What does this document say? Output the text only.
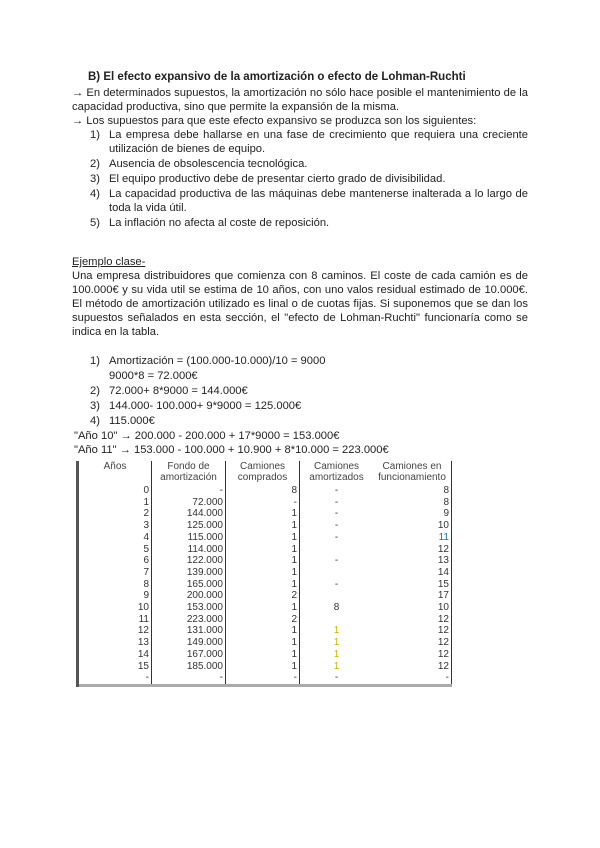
B) El efecto expansivo de la amortización o efecto de Lohman-Ruchti
→ En determinados supuestos, la amortización no sólo hace posible el mantenimiento de la capacidad productiva, sino que permite la expansión de la misma.
→ Los supuestos para que este efecto expansivo se produzca son los siguientes:
1) La empresa debe hallarse en una fase de crecimiento que requiera una creciente utilización de bienes de equipo.
2) Ausencia de obsolescencia tecnológica.
3) El equipo productivo debe de presentar cierto grado de divisibilidad.
4) La capacidad productiva de las máquinas debe mantenerse inalterada a lo largo de toda la vida útil.
5) La inflación no afecta al coste de reposición.
Ejemplo clase-
Una empresa distribuidores que comienza con 8 caminos. El coste de cada camión es de 100.000€ y su vida util se estima de 10 años, con uno valos residual estimado de 10.000€. El método de amortización utilizado es linal o de cuotas fijas. Si suponemos que se dan los supuestos señalados en esta sección, el "efecto de Lohman-Ruchti" funcionaría como se indica en la tabla.
1) Amortización = (100.000-10.000)/10 = 9000
9000*8 = 72.000€
2) 72.000+ 8*9000 = 144.000€
3) 144.000- 100.000+ 9*9000 = 125.000€
4) 115.000€
"Año 10" → 200.000 - 200.000 + 17*9000 = 153.000€
"Año 11" → 153.000 - 100.000 + 10.900 + 8*10.000 = 223.000€
Años	Fondo de amortización	Camiones comprados	Camiones amortizados	Camiones en funcionamiento
0	-	8	-	8
1	72.000	-	-	8
2	144.000	1	-	9
3	125.000	1	-	10
4	115.000	1	-	11
5	114.000	1		12
6	122.000	1	-	13
7	139.000	1		14
8	165.000	1	-	15
9	200.000	2		17
10	153.000	1	8	10
11	223.000	2		12
12	131.000	1	1	12
13	149.000	1	1	12
14	167.000	1	1	12
15	185.000	1	1	12
-	-	-	-	-
